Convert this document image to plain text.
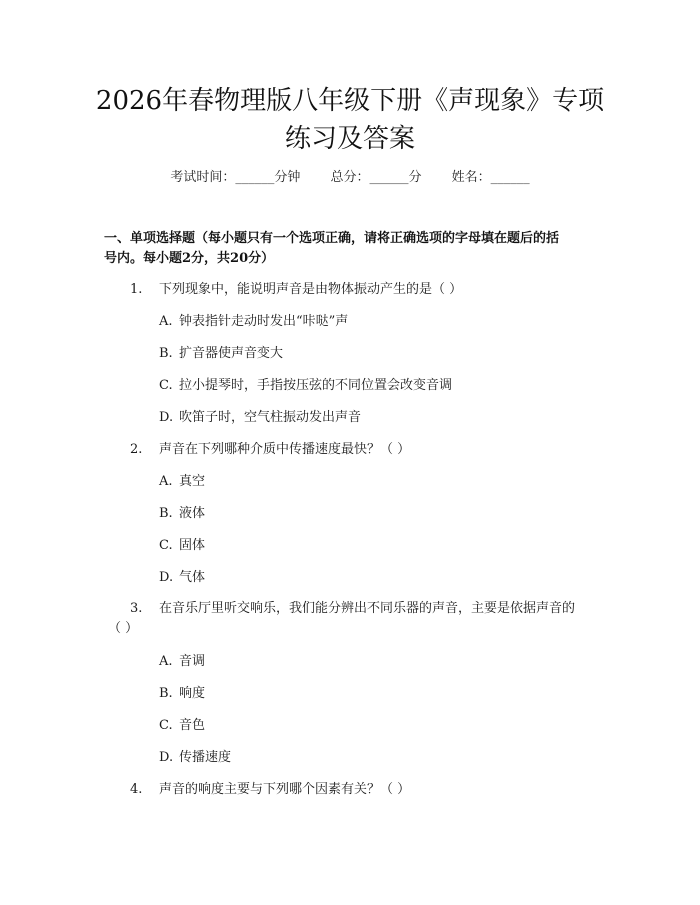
2026年春物理版八年级下册《声现象》专项
练习及答案
考试时间：______分钟 总分：______分 姓名：______
一、单项选择题（每小题只有一个选项正确，请将正确选项的字母填在题后的括
号内。每小题2分，共20分）
1. 下列现象中，能说明声音是由物体振动产生的是（ ）
A. 钟表指针走动时发出“咔哒”声
B. 扩音器使声音变大
C. 拉小提琴时，手指按压弦的不同位置会改变音调
D. 吹笛子时，空气柱振动发出声音
2. 声音在下列哪种介质中传播速度最快？（ ）
A. 真空
B. 液体
C. 固体
D. 气体
3. 在音乐厅里听交响乐，我们能分辨出不同乐器的声音，主要是依据声音的
（ ）
A. 音调
B. 响度
C. 音色
D. 传播速度
4. 声音的响度主要与下列哪个因素有关？（ ）
